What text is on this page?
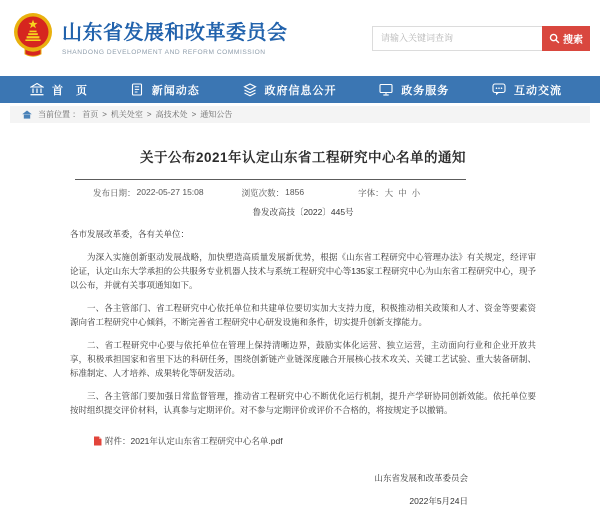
山东省发展和改革委员会
SHANDONG DEVELOPMENT AND REFORM COMMISSION
请输入关键词查询
搜索
首　页	新闻动态	政府信息公开	政务服务	互动交流
当前位置 ： 首页 > 机关处室 > 高技术处 > 通知公告
关于公布2021年认定山东省工程研究中心名单的通知
发布日期： 2022-05-27 15:08	浏览次数： 1856	字体： 大 中 小
鲁发改高技〔2022〕445号

各市发展改革委，各有关单位：

为深入实施创新驱动发展战略，加快塑造高质量发展新优势，根据《山东省工程研究中心管理办法》有关规定，经评审论证，认定山东大学承担的公共服务专业机器人技术与系统工程研究中心等135家工程研究中心为山东省工程研究中心，现予以公布，并就有关事项通知如下。

一、各主管部门、省工程研究中心依托单位和共建单位要切实加大支持力度，积极推动相关政策和人才、资金等要素资源向省工程研究中心倾斜，不断完善省工程研究中心研发设施和条件，切实提升创新支撑能力。

二、省工程研究中心要与依托单位在管理上保持清晰边界，鼓励实体化运营、独立运营，主动面向行业和企业开放共享，积极承担国家和省里下达的科研任务，围绕创新链产业链深度融合开展核心技术攻关、关键工艺试验、重大装备研制、标准制定、人才培养、成果转化等研发活动。

三、各主管部门要加强日常监督管理，推动省工程研究中心不断优化运行机制，提升产学研协同创新效能。依托单位要按时组织提交评价材料，认真参与定期评价。对不参与定期评价或评价不合格的，将按规定予以撤销。

附件：2021年认定山东省工程研究中心名单.pdf
山东省发展和改革委员会
2022年5月24日
